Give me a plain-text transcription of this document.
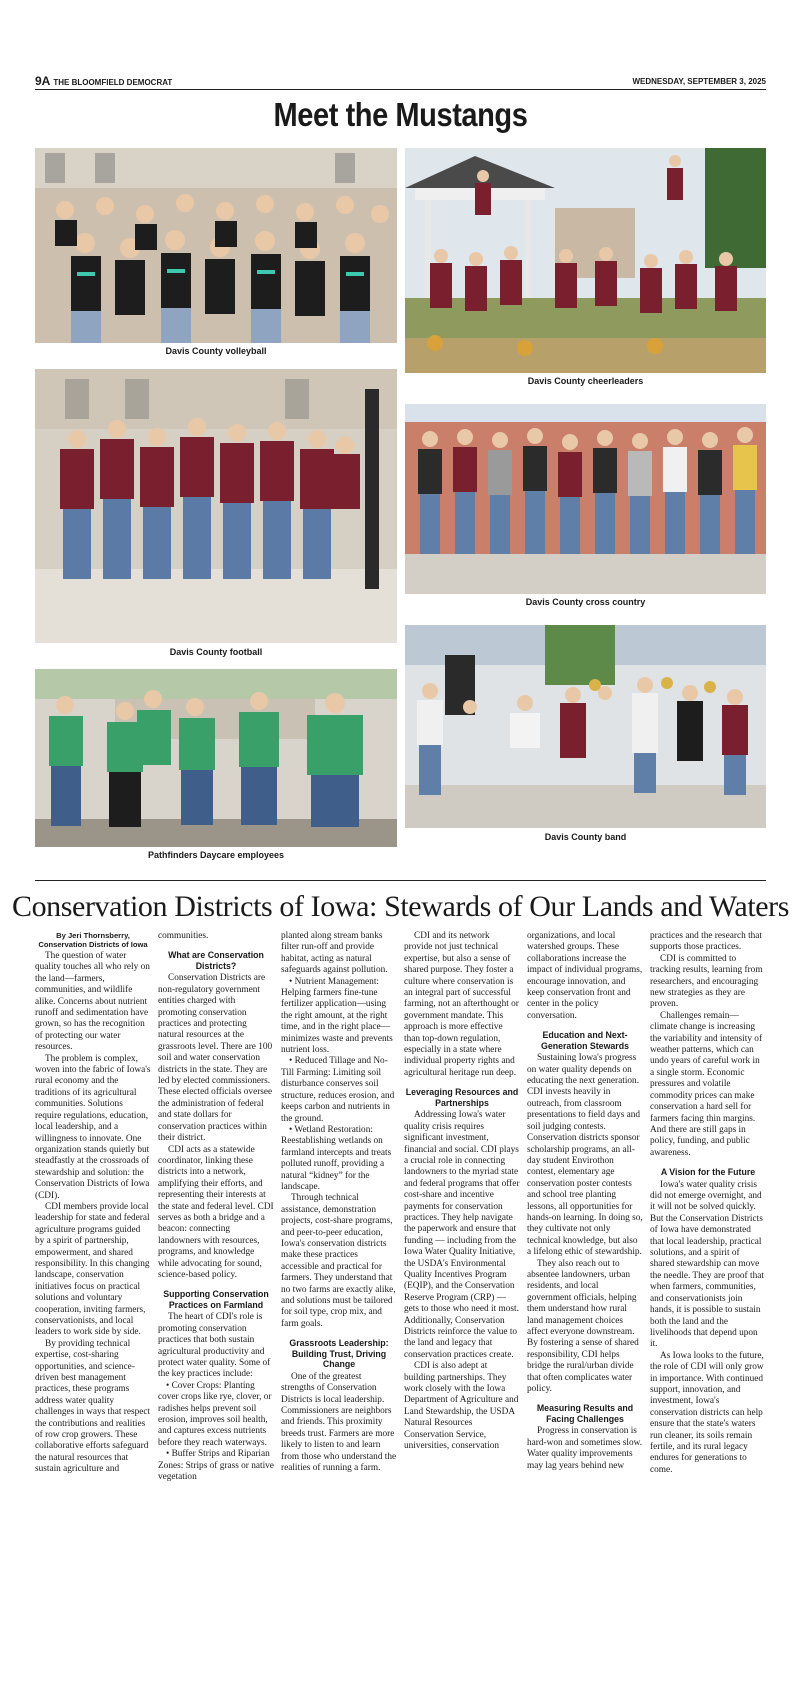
9A THE BLOOMFIELD DEMOCRAT	WEDNESDAY, SEPTEMBER 3, 2025
Meet the Mustangs
Davis County volleyball
Davis County cheerleaders
Davis County football
Davis County cross country
Pathfinders Daycare employees
Davis County band
Conservation Districts of Iowa: Stewards of Our Lands and Waters
By Jeri Thornsberry, Conservation Districts of Iowa

The question of water quality touches all who rely on the land—farmers, communities, and wildlife alike. Concerns about nutrient runoff and sedimentation have grown, so has the recognition of protecting our water resources.

The problem is complex, woven into the fabric of Iowa's rural economy and the traditions of its agricultural communities. Solutions require regulations, education, local leadership, and a willingness to innovate. One organization stands quietly but steadfastly at the crossroads of stewardship and solution: the Conservation Districts of Iowa (CDI).

CDI members provide local leadership for state and federal agriculture programs guided by a spirit of partnership, empowerment, and shared responsibility. In this changing landscape, conservation initiatives focus on practical solutions and voluntary cooperation, inviting farmers, conservationists, and local leaders to work side by side.

By providing technical expertise, cost-sharing opportunities, and science-driven best management practices, these programs address water quality challenges in ways that respect the contributions and realities of row crop growers. These collaborative efforts safeguard the natural resources that sustain agriculture and

communities.

What are Conservation Districts?

Conservation Districts are non-regulatory government entities charged with promoting conservation practices and protecting natural resources at the grassroots level. There are 100 soil and water conservation districts in the state. They are led by elected commissioners. These elected officials oversee the administration of federal and state dollars for conservation practices within their district.

CDI acts as a statewide coordinator, linking these districts into a network, amplifying their efforts, and representing their interests at the state and federal level. CDI serves as both a bridge and a beacon: connecting landowners with resources, programs, and knowledge while advocating for sound, science-based policy.

Supporting Conservation Practices on Farmland

The heart of CDI's role is promoting conservation practices that both sustain agricultural productivity and protect water quality. Some of the key practices include:

• Cover Crops: Planting cover crops like rye, clover, or radishes helps prevent soil erosion, improves soil health, and captures excess nutrients before they reach waterways.

• Buffer Strips and Riparian Zones: Strips of grass or native vegetation

planted along stream banks filter run-off and provide habitat, acting as natural safeguards against pollution.

• Nutrient Management: Helping farmers fine-tune fertilizer application—using the right amount, at the right time, and in the right place—minimizes waste and prevents nutrient loss.

• Reduced Tillage and No-Till Farming: Limiting soil disturbance conserves soil structure, reduces erosion, and keeps carbon and nutrients in the ground.

• Wetland Restoration: Reestablishing wetlands on farmland intercepts and treats polluted runoff, providing a natural “kidney” for the landscape.

Through technical assistance, demonstration projects, cost-share programs, and peer-to-peer education, Iowa's conservation districts make these practices accessible and practical for farmers. They understand that no two farms are exactly alike, and solutions must be tailored for soil type, crop mix, and farm goals.

Grassroots Leadership: Building Trust, Driving Change

One of the greatest strengths of Conservation Districts is local leadership. Commissioners are neighbors and friends. This proximity breeds trust. Farmers are more likely to listen to and learn from those who understand the realities of running a farm.

CDI and its network provide not just technical expertise, but also a sense of shared purpose. They foster a culture where conservation is an integral part of successful farming, not an afterthought or government mandate. This approach is more effective than top-down regulation, especially in a state where individual property rights and agricultural heritage run deep.

Leveraging Resources and Partnerships

Addressing Iowa's water quality crisis requires significant investment, financial and social. CDI plays a crucial role in connecting landowners to the myriad state and federal programs that offer cost-share and incentive payments for conservation practices. They help navigate the paperwork and ensure that funding — including from the Iowa Water Quality Initiative, the USDA's Environmental Quality Incentives Program (EQIP), and the Conservation Reserve Program (CRP) — gets to those who need it most. Additionally, Conservation Districts reinforce the value to the land and legacy that conservation practices create.

CDI is also adept at building partnerships. They work closely with the Iowa Department of Agriculture and Land Stewardship, the USDA Natural Resources Conservation Service, universities, conservation

organizations, and local watershed groups. These collaborations increase the impact of individual programs, encourage innovation, and keep conservation front and center in the policy conversation.

Education and Next-Generation Stewards

Sustaining Iowa's progress on water quality depends on educating the next generation. CDI invests heavily in outreach, from classroom presentations to field days and soil judging contests. Conservation districts sponsor scholarship programs, an all-day student Envirothon contest, elementary age conservation poster contests and school tree planting lessons, all opportunities for hands-on learning. In doing so, they cultivate not only technical knowledge, but also a lifelong ethic of stewardship.

They also reach out to absentee landowners, urban residents, and local government officials, helping them understand how rural land management choices affect everyone downstream. By fostering a sense of shared responsibility, CDI helps bridge the rural/urban divide that often complicates water policy.

Measuring Results and Facing Challenges

Progress in conservation is hard-won and sometimes slow. Water quality improvements may lag years behind new

practices and the research that supports those practices.

CDI is committed to tracking results, learning from researchers, and encouraging new strategies as they are proven.

Challenges remain—climate change is increasing the variability and intensity of weather patterns, which can undo years of careful work in a single storm. Economic pressures and volatile commodity prices can make conservation a hard sell for farmers facing thin margins. And there are still gaps in policy, funding, and public awareness.

A Vision for the Future

Iowa's water quality crisis did not emerge overnight, and it will not be solved quickly. But the Conservation Districts of Iowa have demonstrated that local leadership, practical solutions, and a spirit of shared stewardship can move the needle. They are proof that when farmers, communities, and conservationists join hands, it is possible to sustain both the land and the livelihoods that depend upon it.

As Iowa looks to the future, the role of CDI will only grow in importance. With continued support, innovation, and investment, Iowa's conservation districts can help ensure that the state's waters run cleaner, its soils remain fertile, and its rural legacy endures for generations to come.
